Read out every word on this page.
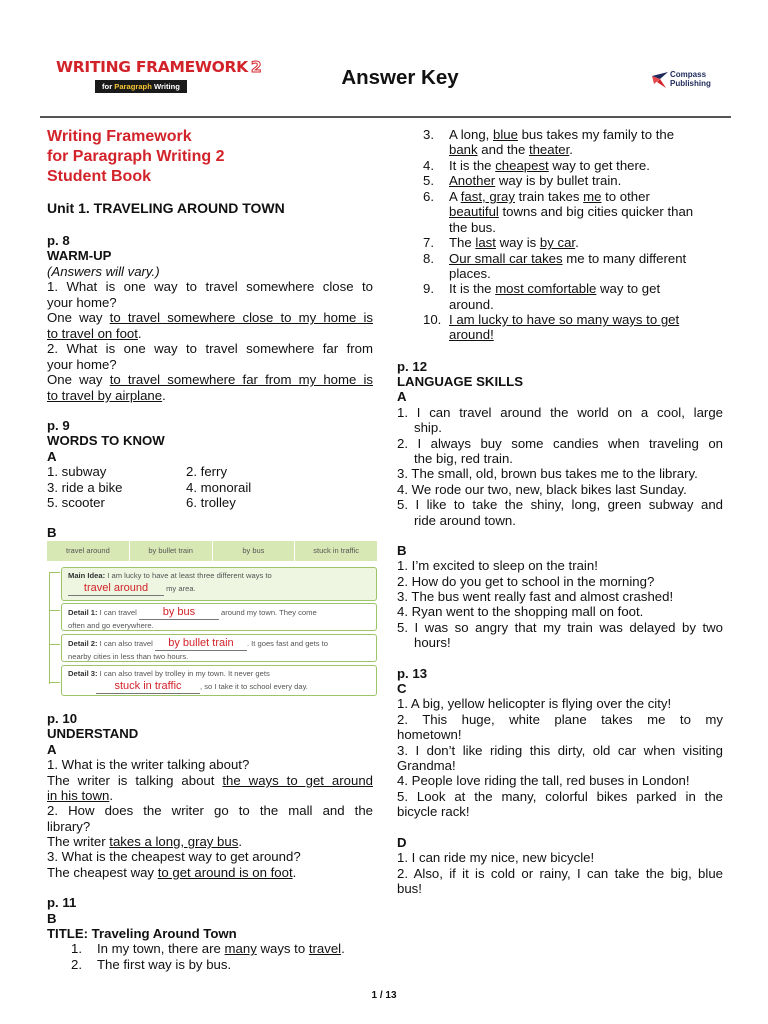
WRITING FRAMEWORK 2
for Paragraph Writing	Answer Key	Compass
Publishing
Writing Framework
for Paragraph Writing 2
Student Book
Unit 1. TRAVELING AROUND TOWN
p. 8
WARM-UP
(Answers will vary.)
1. What is one way to travel somewhere close to
your home?
One way to travel somewhere close to my home is
to travel on foot.
2. What is one way to travel somewhere far from
your home?
One way to travel somewhere far from my home is
to travel by airplane.
p. 9
WORDS TO KNOW
A
1. subway	2. ferry
3. ride a bike	4. monorail
5. scooter	6. trolley
B
p. 10
UNDERSTAND
A
1. What is the writer talking about?
The writer is talking about the ways to get around
in his town.
2. How does the writer go to the mall and the
library?
The writer takes a long, gray bus.
3. What is the cheapest way to get around?
The cheapest way to get around is on foot.
p. 11
B
TITLE: Traveling Around Town
1. In my town, there are many ways to travel.
2. The first way is by bus.
travel around	by bullet train	by bus	stuck in traffic
Main Idea: I am lucky to have at least three different ways to
travel around my area.
Detail 1: I can travel by bus	around my town. They come
often and go everywhere.
Detail 2: I can also travel by bullet train . It goes fast and gets to
nearby cities in less than two hours.
Detail 3: I can also travel by trolley in my town. It never gets
stuck in traffic , so I take it to school every day.
3. A long, blue bus takes my family to the
bank and the theater.
4. It is the cheapest way to get there.
5. Another way is by bullet train.
6. A fast, gray train takes me to other
beautiful towns and big cities quicker than
the bus.
7. The last way is by car.
8. Our small car takes me to many different
places.
9. It is the most comfortable way to get
around.
10. I am lucky to have so many ways to get
around!
p. 12
LANGUAGE SKILLS
A
1. I can travel around the world on a cool, large
ship.
2. I always buy some candies when traveling on
the big, red train.
3. The small, old, brown bus takes me to the library.
4. We rode our two, new, black bikes last Sunday.
5. I like to take the shiny, long, green subway and
ride around town.
B
1. I’m excited to sleep on the train!
2. How do you get to school in the morning?
3. The bus went really fast and almost crashed!
4. Ryan went to the shopping mall on foot.
5. I was so angry that my train was delayed by two
hours!
p. 13
C
1. A big, yellow helicopter is flying over the city!
2. This huge, white plane takes me to my
hometown!
3. I don’t like riding this dirty, old car when visiting
Grandma!
4. People love riding the tall, red buses in London!
5. Look at the many, colorful bikes parked in the
bicycle rack!
D
1. I can ride my nice, new bicycle!
2. Also, if it is cold or rainy, I can take the big, blue
bus!
1 / 13
